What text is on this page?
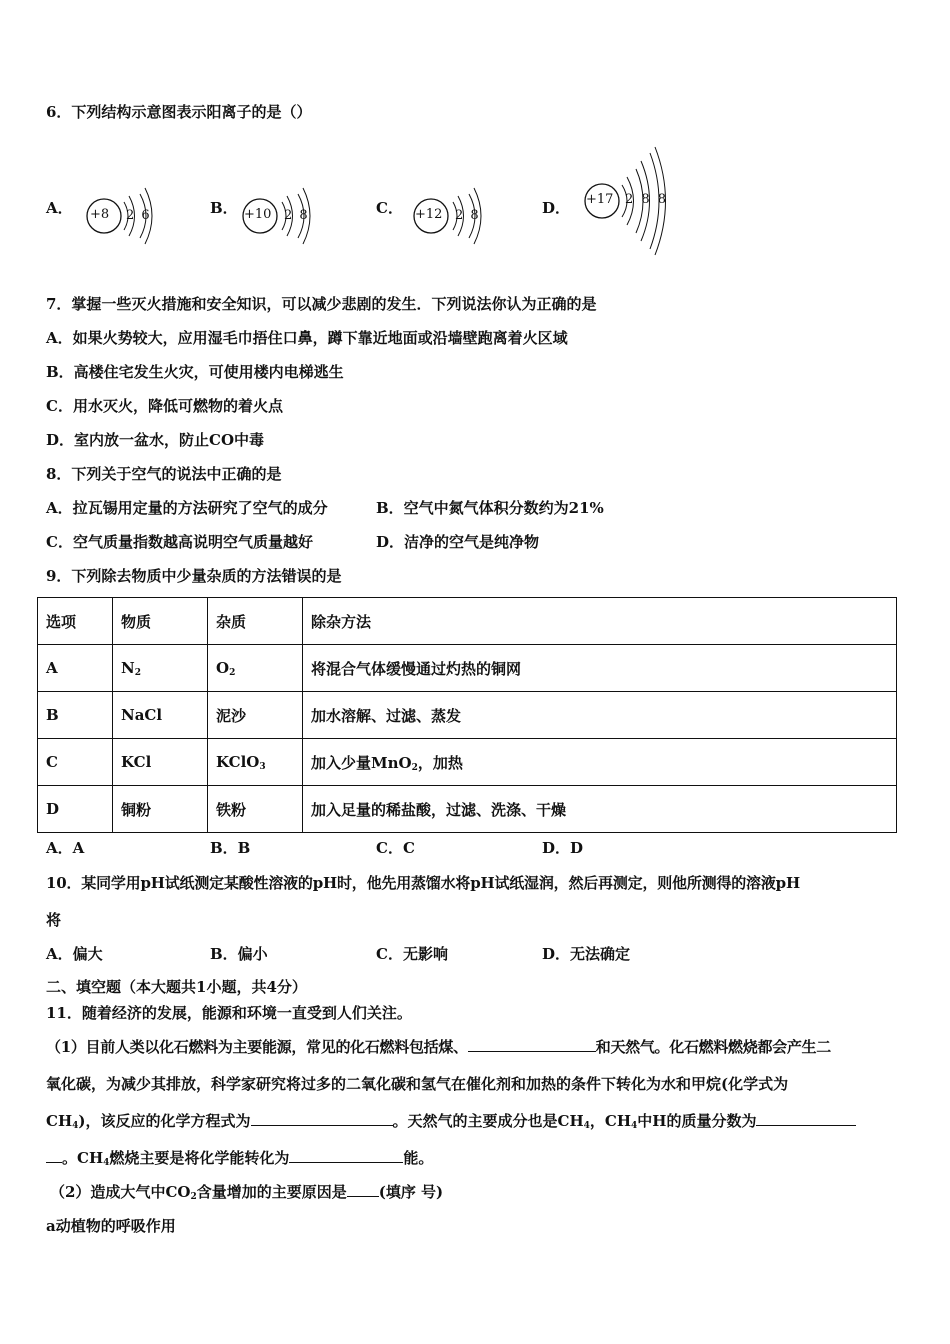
6．下列结构示意图表示阳离子的是（）
A． +8 2 6	B． +10 2 8	C． +12 2 8	D． +17 2 8 8
7．掌握一些灭火措施和安全知识，可以减少悲剧的发生．下列说法你认为正确的是
A．如果火势较大，应用湿毛巾捂住口鼻，蹲下靠近地面或沿墙壁跑离着火区域
B．高楼住宅发生火灾，可使用楼内电梯逃生
C．用水灭火，降低可燃物的着火点
D．室内放一盆水，防止CO中毒
8．下列关于空气的说法中正确的是
A．拉瓦锡用定量的方法研究了空气的成分	B．空气中氮气体积分数约为21%
C．空气质量指数越高说明空气质量越好	D．洁净的空气是纯净物
9．下列除去物质中少量杂质的方法错误的是
选项	物质	杂质	除杂方法
A	$N_2$	$O_2$	将混合气体缓慢通过灼热的铜网
B	NaCl	泥沙	加水溶解、过滤、蒸发
C	KCl	KClO$_3$	加入少量MnO$_2$，加热
D	铜粉	铁粉	加入足量的稀盐酸，过滤、洗涤、干燥
A．A	B．B	C．C	D．D
10．某同学用pH试纸测定某酸性溶液的pH时，他先用蒸馏水将pH试纸湿润，然后再测定，则他所测得的溶液pH
将
A．偏大	B．偏小	C．无影响	D．无法确定
二、填空题（本大题共1小题，共4分）
11．随着经济的发展，能源和环境一直受到人们关注。
（1）目前人类以化石燃料为主要能源，常见的化石燃料包括煤、	和天然气。化石燃料燃烧都会产生二
氧化碳，为减少其排放，科学家研究将过多的二氧化碳和氢气在催化剂和加热的条件下转化为水和甲烷(化学式为
$CH_4$)，该反应的化学方程式为	。天然气的主要成分也是$CH_4$，$CH_4$中H的质量分数为
。$CH_4$燃烧主要是将化学能转化为	能。
（2）造成大气中$CO_2$含量增加的主要原因是 (填序 号)
a动植物的呼吸作用
